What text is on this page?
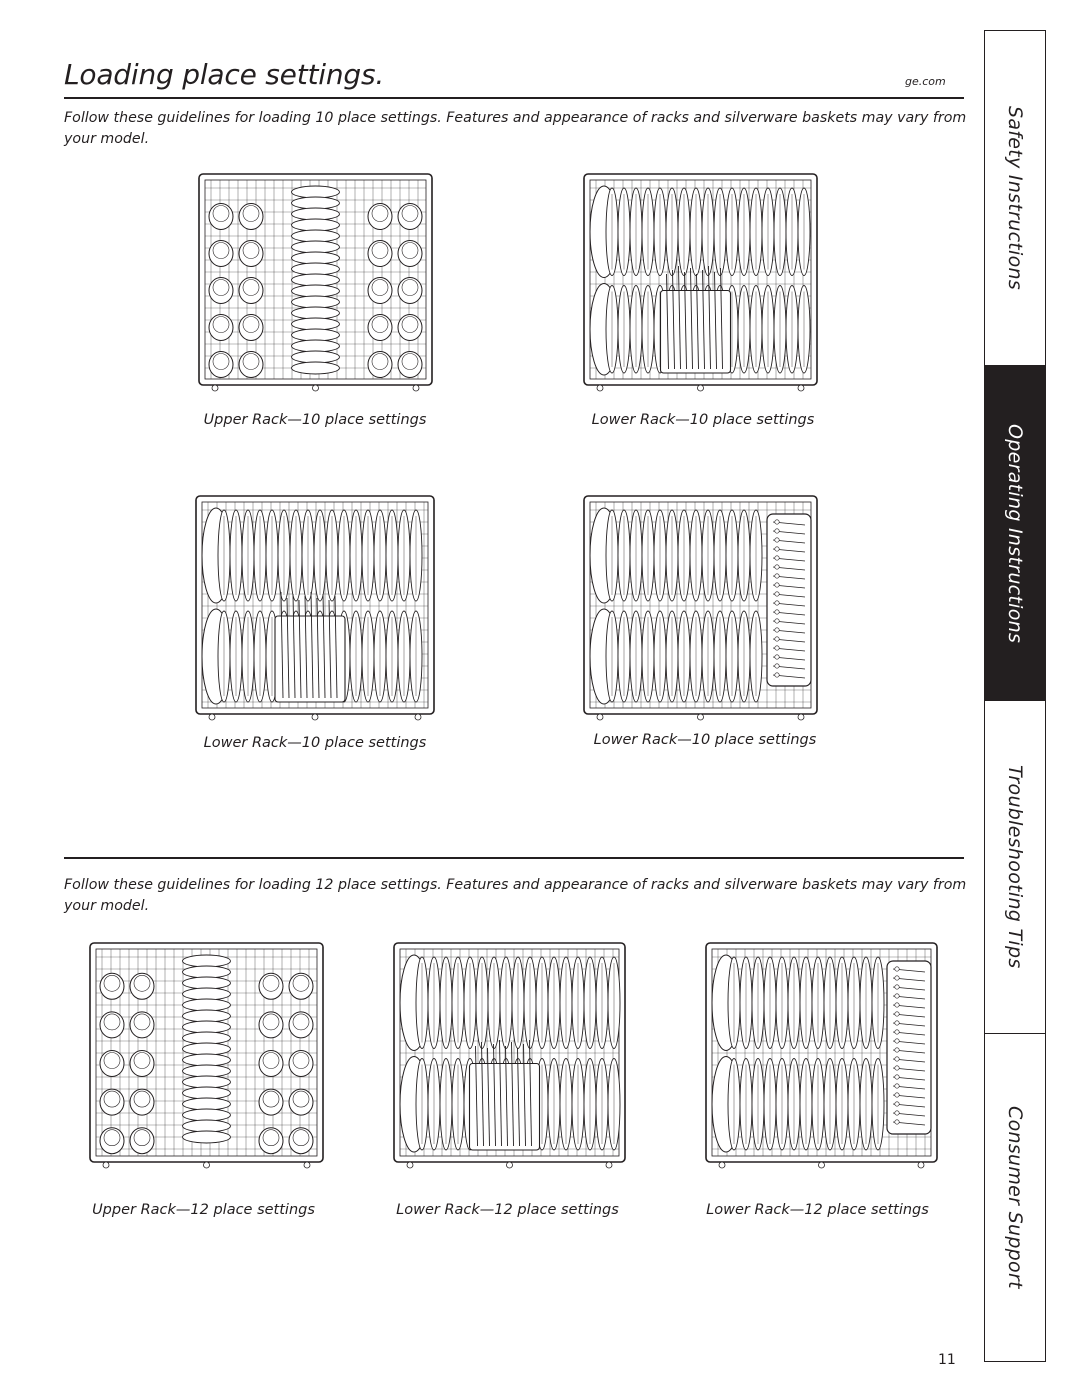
Loading place settings.	ge.com
Follow these guidelines for loading 10 place settings. Features and appearance of racks and silverware baskets may vary from your model.
Upper Rack—10 place settings	Lower Rack—10 place settings
Lower Rack—10 place settings	Lower Rack—10 place settings
Follow these guidelines for loading 12 place settings. Features and appearance of racks and silverware baskets may vary from your model.
Upper Rack—12 place settings	Lower Rack—12 place settings	Lower Rack—12 place settings
Safety Instructions
Operating Instructions
Troubleshooting Tips
Consumer Support
11
